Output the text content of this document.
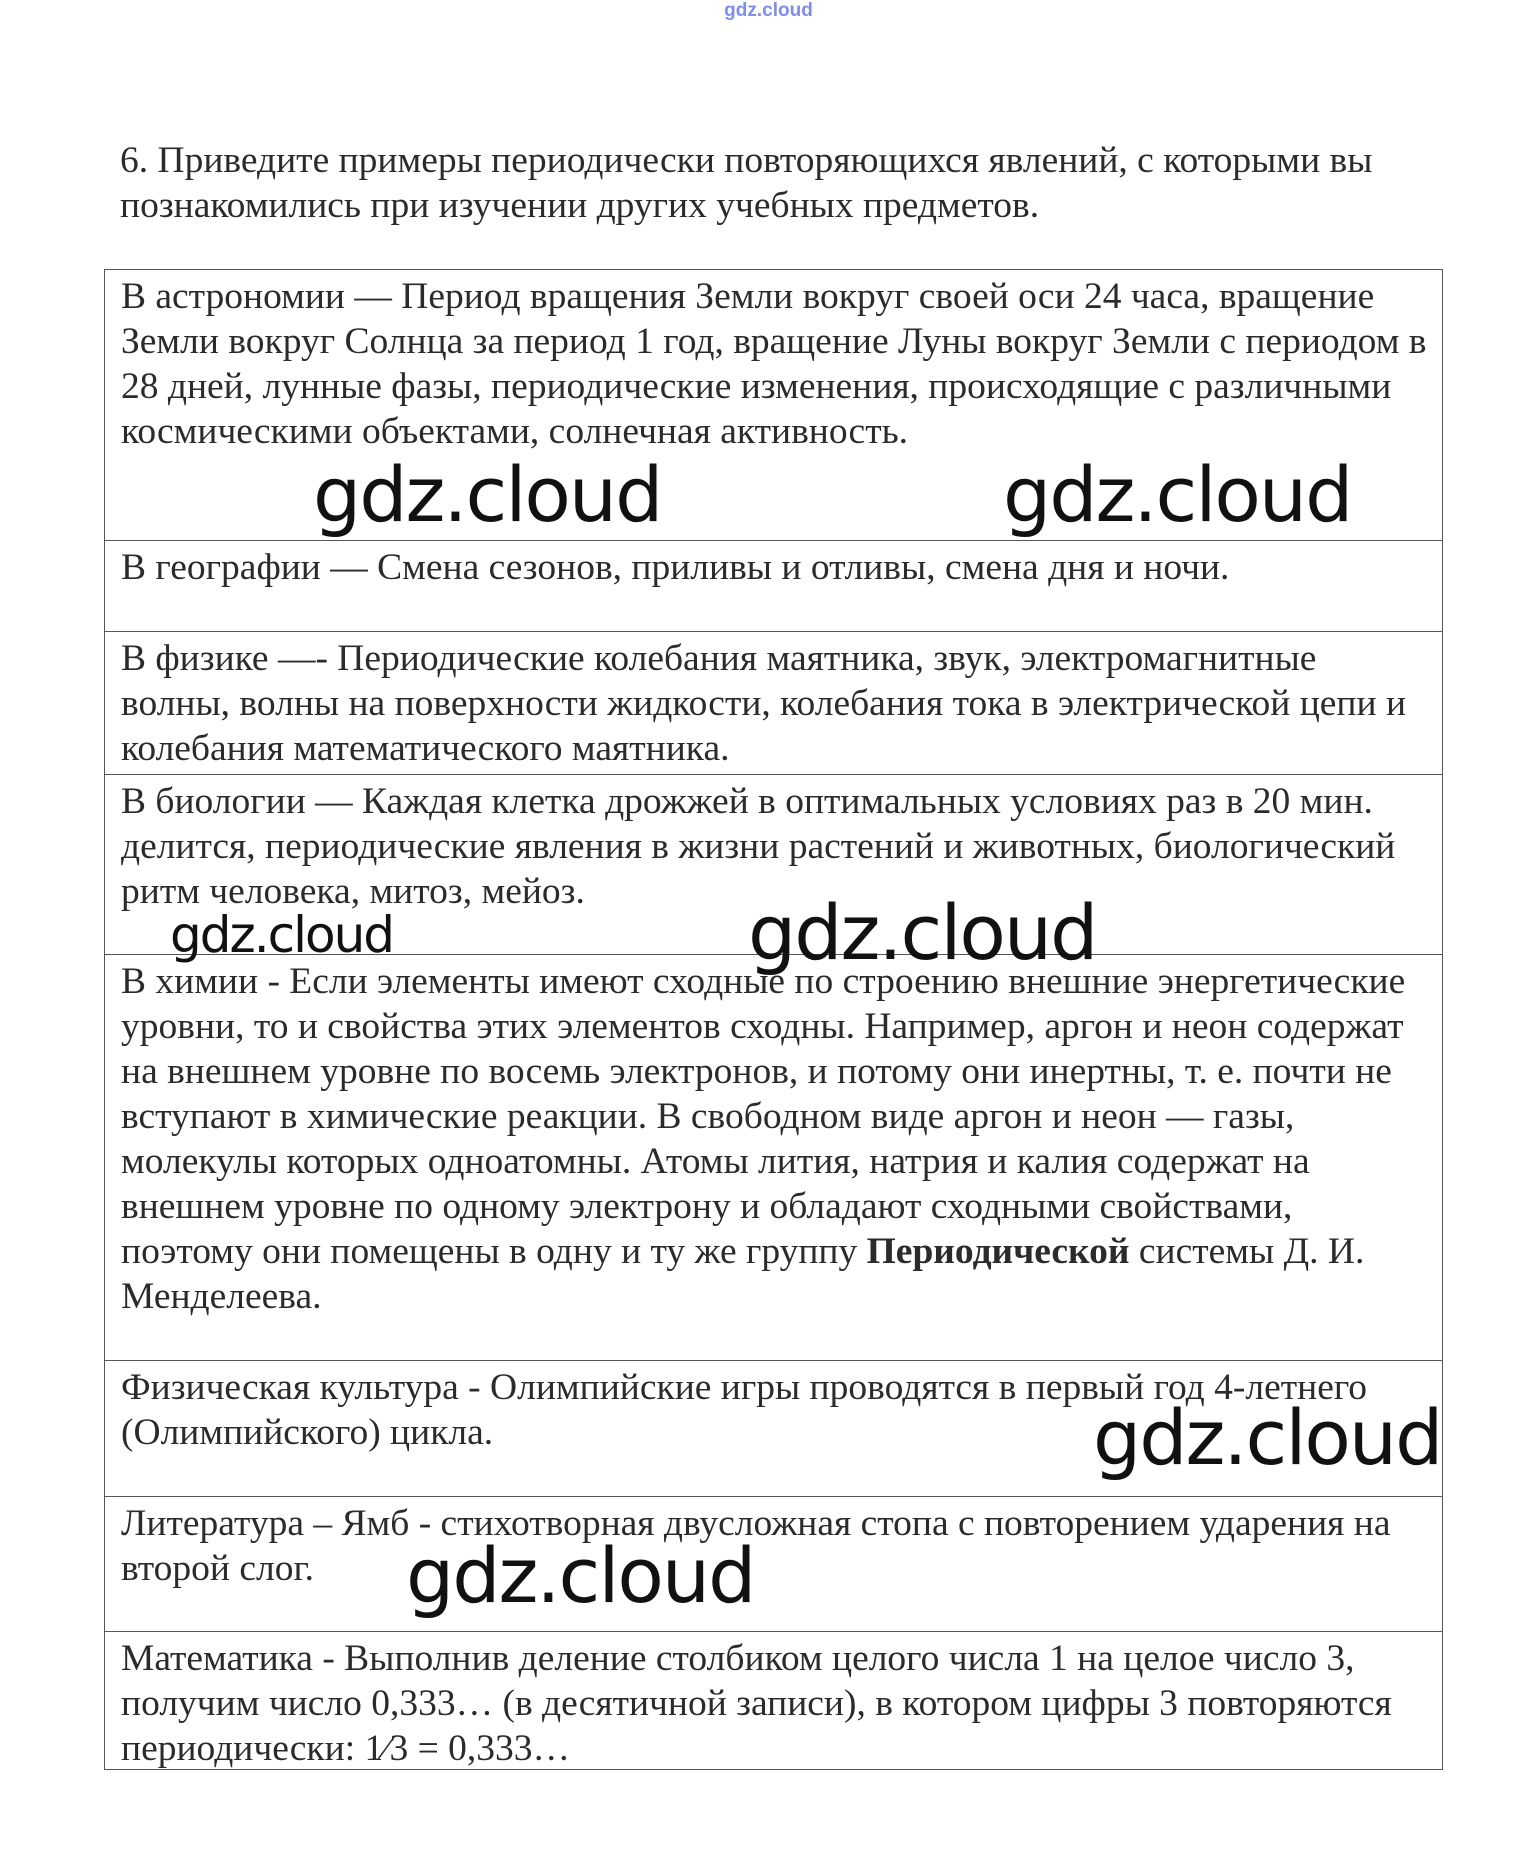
gdz.cloud
6. Приведите примеры периодически повторяющихся явлений, с которыми вы познакомились при изучении других учебных предметов.
В астрономии — Период вращения Земли вокруг своей оси 24 часа, вращение Земли вокруг Солнца за период 1 год, вращение Луны вокруг Земли с периодом в 28 дней, лунные фазы, периодические изменения, происходящие с различными космическими объектами, солнечная активность.
В географии — Смена сезонов, приливы и отливы, смена дня и ночи.
В физике —- Периодические колебания маятника, звук, электромагнитные волны, волны на поверхности жидкости, колебания тока в электрической цепи и колебания математического маятника.
В биологии — Каждая клетка дрожжей в оптимальных условиях раз в 20 мин. делится, периодические явления в жизни растений и животных, биологический ритм человека, митоз, мейоз.
В химии - Если элементы имеют сходные по строению внешние энергетические уровни, то и свойства этих элементов сходны. Например, аргон и неон содержат на внешнем уровне по восемь электронов, и потому они инертны, т. е. почти не вступают в химические реакции. В свободном виде аргон и неон — газы, молекулы которых одноатомны. Атомы лития, натрия и калия содержат на внешнем уровне по одному электрону и обладают сходными свойствами, поэтому они помещены в одну и ту же группу Периодической системы Д. И. Менделеева.
Физическая культура - Олимпийские игры проводятся в первый год 4-летнего (Олимпийского) цикла.
Литература – Ямб - стихотворная двусложная стопа с повторением ударения на второй слог.
Математика - Выполнив деление столбиком целого числа 1 на целое число 3, получим число 0,333… (в десятичной записи), в котором цифры 3 повторяются периодически: 1⁄3 = 0,333…
gdz.cloud	gdz.cloud
gdz.cloud	gdz.cloud
gdz.cloud
gdz.cloud
